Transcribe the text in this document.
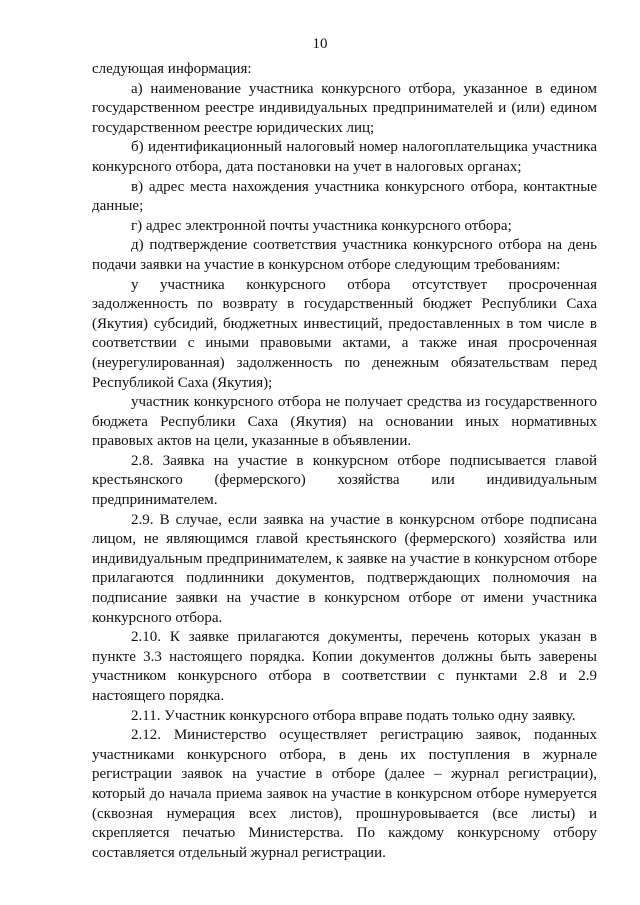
10

следующая информация:

а) наименование участника конкурсного отбора, указанное в едином государственном реестре индивидуальных предпринимателей и (или) едином государственном реестре юридических лиц;

б) идентификационный налоговый номер налогоплательщика участника конкурсного отбора, дата постановки на учет в налоговых органах;

в) адрес места нахождения участника конкурсного отбора, контактные данные;

г) адрес электронной почты участника конкурсного отбора;

д) подтверждение соответствия участника конкурсного отбора на день подачи заявки на участие в конкурсном отборе следующим требованиям:

у участника конкурсного отбора отсутствует просроченная задолженность по возврату в государственный бюджет Республики Саха (Якутия) субсидий, бюджетных инвестиций, предоставленных в том числе в соответствии с иными правовыми актами, а также иная просроченная (неурегулированная) задолженность по денежным обязательствам перед Республикой Саха (Якутия);

участник конкурсного отбора не получает средства из государственного бюджета Республики Саха (Якутия) на основании иных нормативных правовых актов на цели, указанные в объявлении.

2.8. Заявка на участие в конкурсном отборе подписывается главой крестьянского (фермерского) хозяйства или индивидуальным предпринимателем.

2.9. В случае, если заявка на участие в конкурсном отборе подписана лицом, не являющимся главой крестьянского (фермерского) хозяйства или индивидуальным предпринимателем, к заявке на участие в конкурсном отборе прилагаются подлинники документов, подтверждающих полномочия на подписание заявки на участие в конкурсном отборе от имени участника конкурсного отбора.

2.10. К заявке прилагаются документы, перечень которых указан в пункте 3.3 настоящего порядка. Копии документов должны быть заверены участником конкурсного отбора в соответствии с пунктами 2.8 и 2.9 настоящего порядка.

2.11. Участник конкурсного отбора вправе подать только одну заявку.

2.12. Министерство осуществляет регистрацию заявок, поданных участниками конкурсного отбора, в день их поступления в журнале регистрации заявок на участие в отборе (далее – журнал регистрации), который до начала приема заявок на участие в конкурсном отборе нумеруется (сквозная нумерация всех листов), прошнуровывается (все листы) и скрепляется печатью Министерства. По каждому конкурсному отбору составляется отдельный журнал регистрации.
